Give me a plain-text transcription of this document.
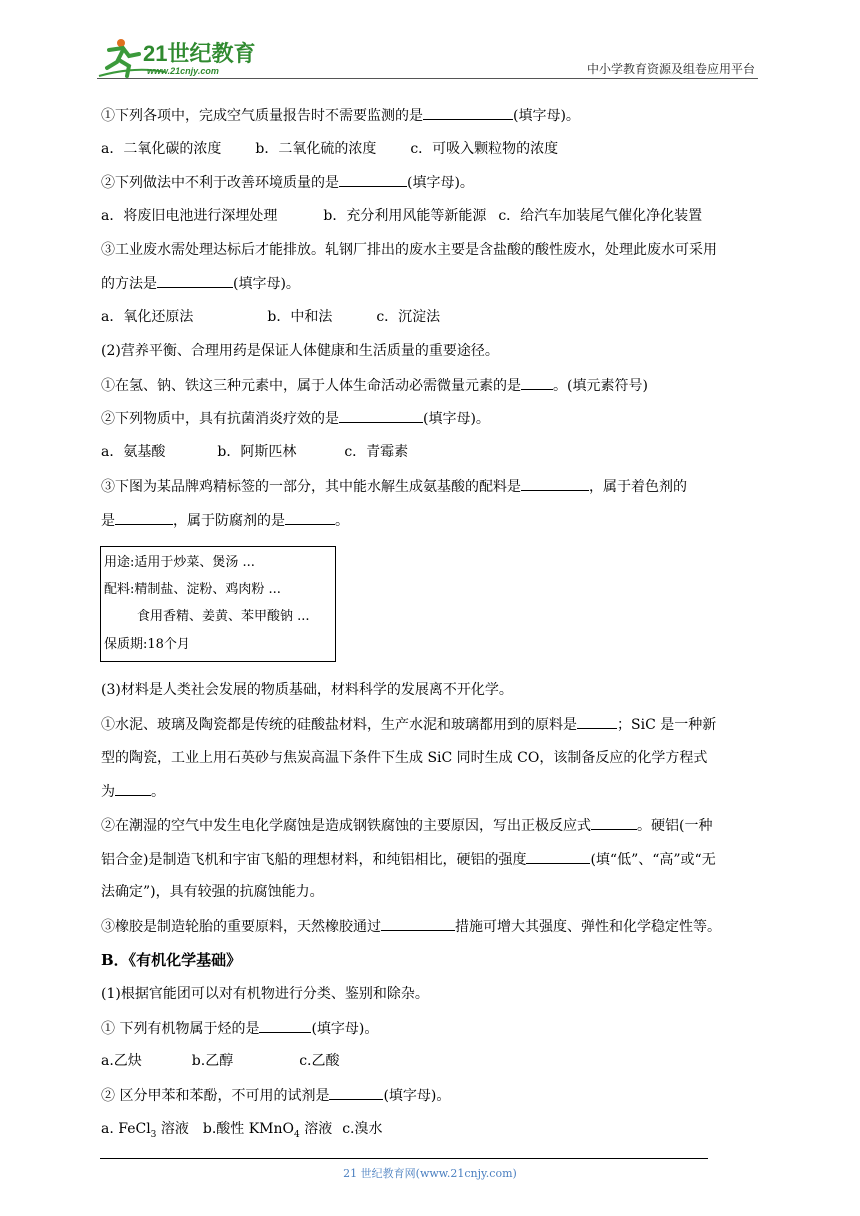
21世纪教育
www.21cnjy.com	中小学教育资源及组卷应用平台
①下列各项中，完成空气质量报告时不需要监测的是	(填字母)。
a．二氧化碳的浓度 b．二氧化硫的浓度 c．可吸入颗粒物的浓度
②下列做法中不利于改善环境质量的是	(填字母)。
a．将废旧电池进行深埋处理	b．充分利用风能等新能源 c．给汽车加装尾气催化净化装置
③工业废水需处理达标后才能排放。轧钢厂排出的废水主要是含盐酸的酸性废水，处理此废水可采用
的方法是	(填字母)。
a．氧化还原法	b．中和法	c．沉淀法
(2)营养平衡、合理用药是保证人体健康和生活质量的重要途径。
①在氢、钠、铁这三种元素中，属于人体生命活动必需微量元素的是 。(填元素符号)
②下列物质中，具有抗菌消炎疗效的是	(填字母)。
a．氨基酸	b．阿斯匹林	c．青霉素
③下图为某品牌鸡精标签的一部分，其中能水解生成氨基酸的配料是	，属于着色剂的
是	，属于防腐剂的是	。
用途:适用于炒菜、煲汤 ...
配料:精制盐、淀粉、鸡肉粉 ...
食用香精、姜黄、苯甲酸钠 ...
保质期:18个月
(3)材料是人类社会发展的物质基础，材料科学的发展离不开化学。
①水泥、玻璃及陶瓷都是传统的硅酸盐材料，生产水泥和玻璃都用到的原料是	；SiC 是一种新
型的陶瓷，工业上用石英砂与焦炭高温下条件下生成 SiC 同时生成 CO，该制备反应的化学方程式
为	。
②在潮湿的空气中发生电化学腐蚀是造成钢铁腐蚀的主要原因，写出正极反应式	。硬铝(一种
铝合金)是制造飞机和宇宙飞船的理想材料，和纯铝相比，硬铝的强度	(填“低”、“高”或“无
法确定”)，具有较强的抗腐蚀能力。
③橡胶是制造轮胎的重要原料，天然橡胶通过	措施可增大其强度、弹性和化学稳定性等。
B．《有机化学基础》
(1)根据官能团可以对有机物进行分类、鉴别和除杂。
① 下列有机物属于烃的是	(填字母)。
a.乙炔	b.乙醇	c.乙酸
② 区分甲苯和苯酚，不可用的试剂是	(填字母)。
a. FeCl$_3$ 溶液 b.酸性 KMnO$_4$ 溶液 c.溴水
21 世纪教育网(www.21cnjy.com)
